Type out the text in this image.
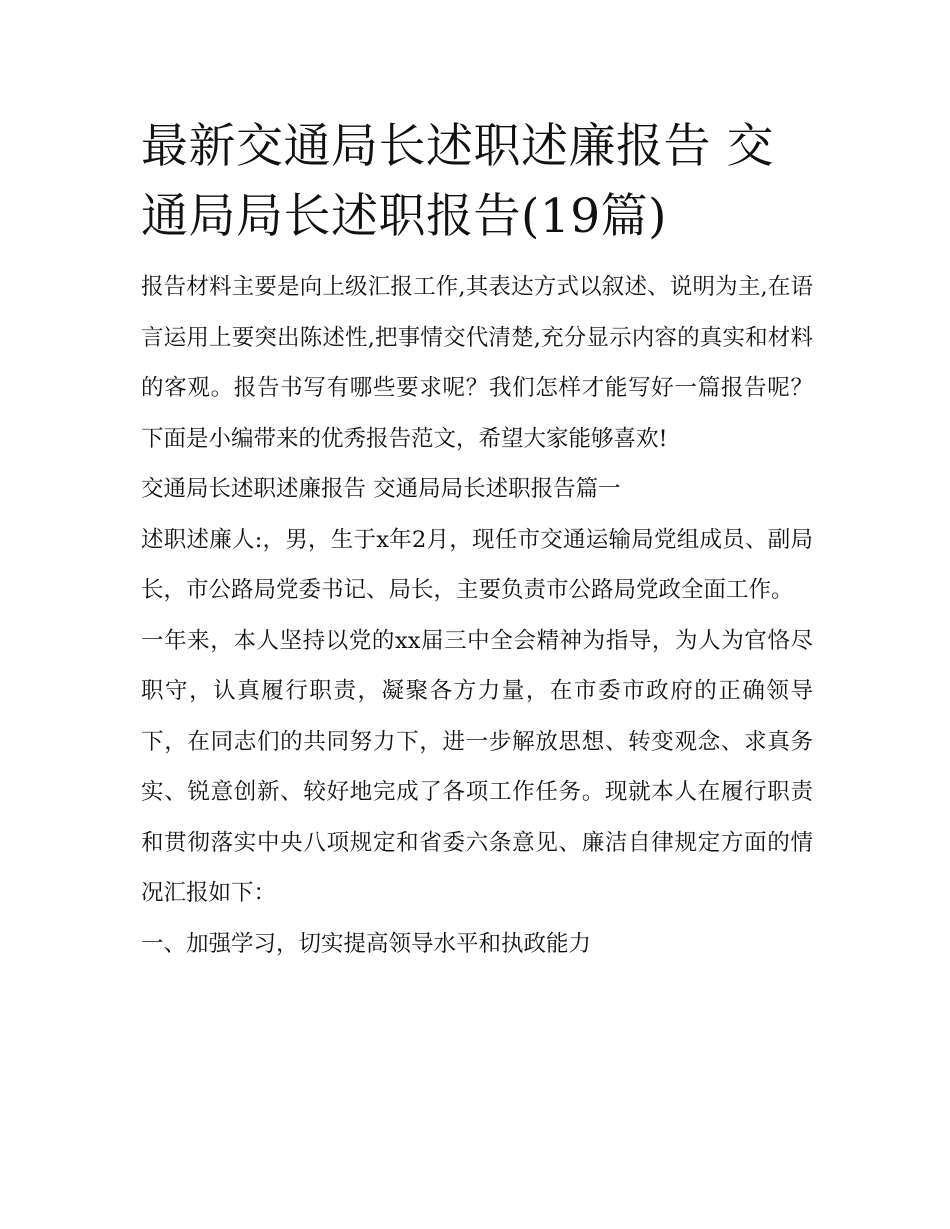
最新交通局长述职述廉报告 交通局局长述职报告(19篇)

报告材料主要是向上级汇报工作,其表达方式以叙述、说明为主,在语言运用上要突出陈述性,把事情交代清楚,充分显示内容的真实和材料的客观。报告书写有哪些要求呢？我们怎样才能写好一篇报告呢？下面是小编带来的优秀报告范文，希望大家能够喜欢!

交通局长述职述廉报告 交通局局长述职报告篇一

述职述廉人:，男，生于x年2月，现任市交通运输局党组成员、副局长，市公路局党委书记、局长，主要负责市公路局党政全面工作。

一年来，本人坚持以党的xx届三中全会精神为指导，为人为官恪尽职守，认真履行职责，凝聚各方力量，在市委市政府的正确领导下，在同志们的共同努力下，进一步解放思想、转变观念、求真务实、锐意创新、较好地完成了各项工作任务。现就本人在履行职责和贯彻落实中央八项规定和省委六条意见、廉洁自律规定方面的情况汇报如下：

一、加强学习，切实提高领导水平和执政能力
